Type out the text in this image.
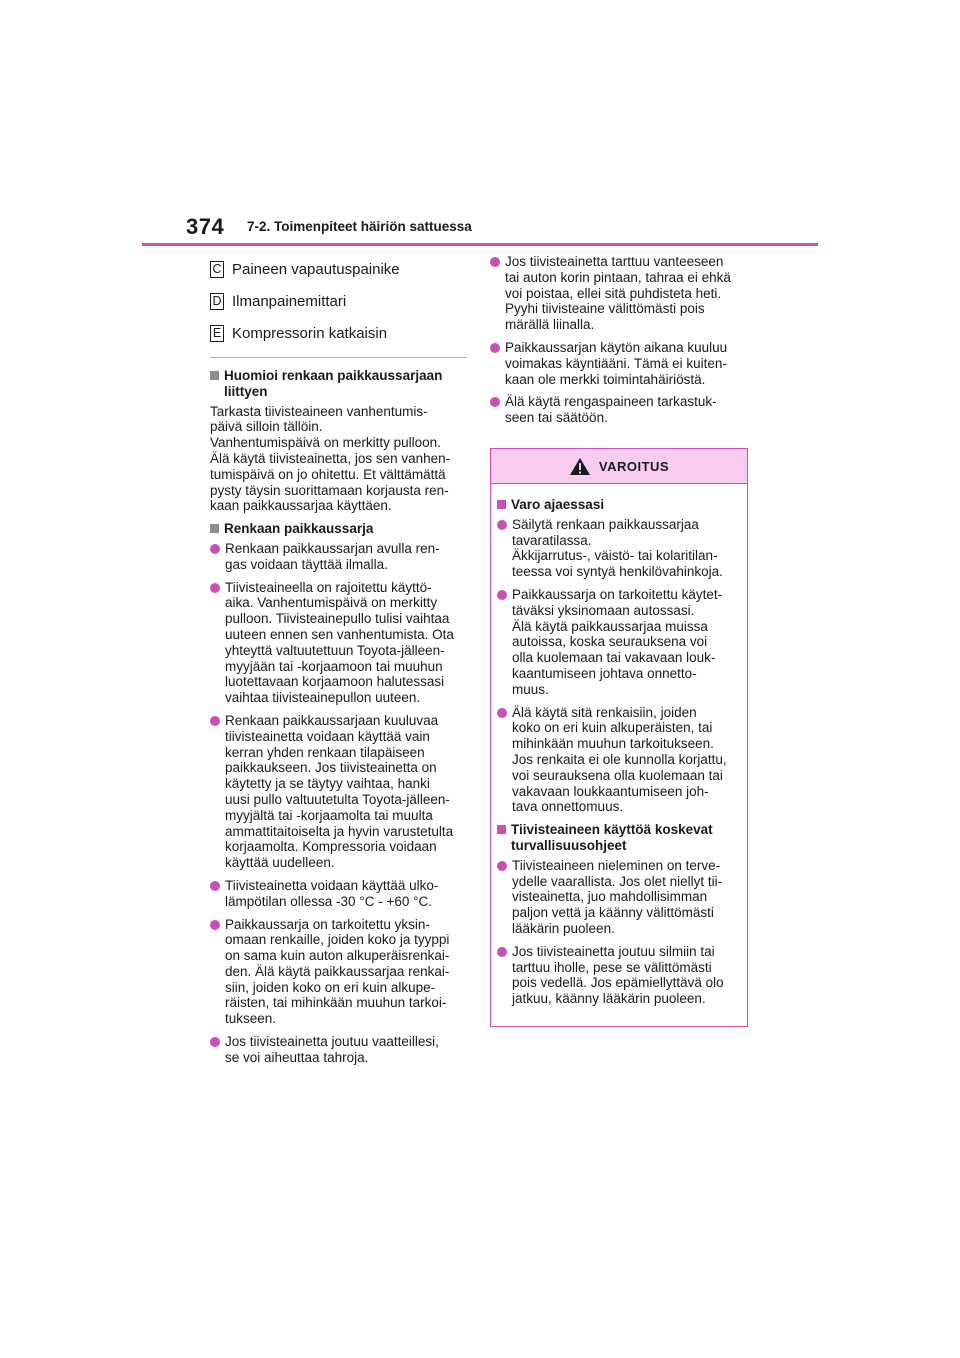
374 7-2. Toimenpiteet häiriön sattuessa
C Paineen vapautuspainike
D Ilmanpainemittari
E Kompressorin katkaisin

Huomioi renkaan paikkaussarjaan liittyen

Tarkasta tiivisteaineen vanhentumis-
päivä silloin tällöin.
Vanhentumispäivä on merkitty pulloon.
Älä käytä tiivisteainetta, jos sen vanhen-
tumispäivä on jo ohitettu. Et välttämättä
pysty täysin suorittamaan korjausta ren-
kaan paikkaussarjaa käyttäen.

Renkaan paikkaussarja

Renkaan paikkaussarjan avulla ren-
gas voidaan täyttää ilmalla.

Tiivisteaineella on rajoitettu käyttö-
aika. Vanhentumispäivä on merkitty
pulloon. Tiivisteainepullo tulisi vaihtaa
uuteen ennen sen vanhentumista. Ota
yhteyttä valtuutettuun Toyota-jälleen-
myyjään tai -korjaamoon tai muuhun
luotettavaan korjaamoon halutessasi
vaihtaa tiivisteainepullon uuteen.

Renkaan paikkaussarjaan kuuluvaa
tiivisteainetta voidaan käyttää vain
kerran yhden renkaan tilapäiseen
paikkaukseen. Jos tiivisteainetta on
käytetty ja se täytyy vaihtaa, hanki
uusi pullo valtuutetulta Toyota-jälleen-
myyjältä tai -korjaamolta tai muulta
ammattitaitoiselta ja hyvin varustetulta
korjaamolta. Kompressoria voidaan
käyttää uudelleen.

Tiivisteainetta voidaan käyttää ulko-
lämpötilan ollessa -30 °C - +60 °C.

Paikkaussarja on tarkoitettu yksin-
omaan renkaille, joiden koko ja tyyppi
on sama kuin auton alkuperäisrenkai-
den. Älä käytä paikkaussarjaa renkai-
siin, joiden koko on eri kuin alkupe-
räisten, tai mihinkään muuhun tarkoi-
tukseen.

Jos tiivisteainetta joutuu vaatteillesi,
se voi aiheuttaa tahroja.

Jos tiivisteainetta tarttuu vanteeseen
tai auton korin pintaan, tahraa ei ehkä
voi poistaa, ellei sitä puhdisteta heti.
Pyyhi tiivisteaine välittömästi pois
märällä liinalla.

Paikkaussarjan käytön aikana kuuluu
voimakas käyntiääni. Tämä ei kuiten-
kaan ole merkki toimintahäiriöstä.

Älä käytä rengaspaineen tarkastuk-
seen tai säätöön.

VAROITUS

Varo ajaessasi

Säilytä renkaan paikkaussarjaa
tavaratilassa.
Äkkijarrutus-, väistö- tai kolaritilan-
teessa voi syntyä henkilövahinkoja.

Paikkaussarja on tarkoitettu käytet-
täväksi yksinomaan autossasi.
Älä käytä paikkaussarjaa muissa
autoissa, koska seurauksena voi
olla kuolemaan tai vakavaan louk-
kaantumiseen johtava onnetto-
muus.

Älä käytä sitä renkaisiin, joiden
koko on eri kuin alkuperäisten, tai
mihinkään muuhun tarkoitukseen.
Jos renkaita ei ole kunnolla korjattu,
voi seurauksena olla kuolemaan tai
vakavaan loukkaantumiseen joh-
tava onnettomuus.

Tiivisteaineen käyttöä koskevat turvallisuusohjeet

Tiivisteaineen nieleminen on terve-
ydelle vaarallista. Jos olet niellyt tii-
visteainetta, juo mahdollisimman
paljon vettä ja käänny välittömästi
lääkärin puoleen.

Jos tiivisteainetta joutuu silmiin tai
tarttuu iholle, pese se välittömästi
pois vedellä. Jos epämiellyttävä olo
jatkuu, käänny lääkärin puoleen.
